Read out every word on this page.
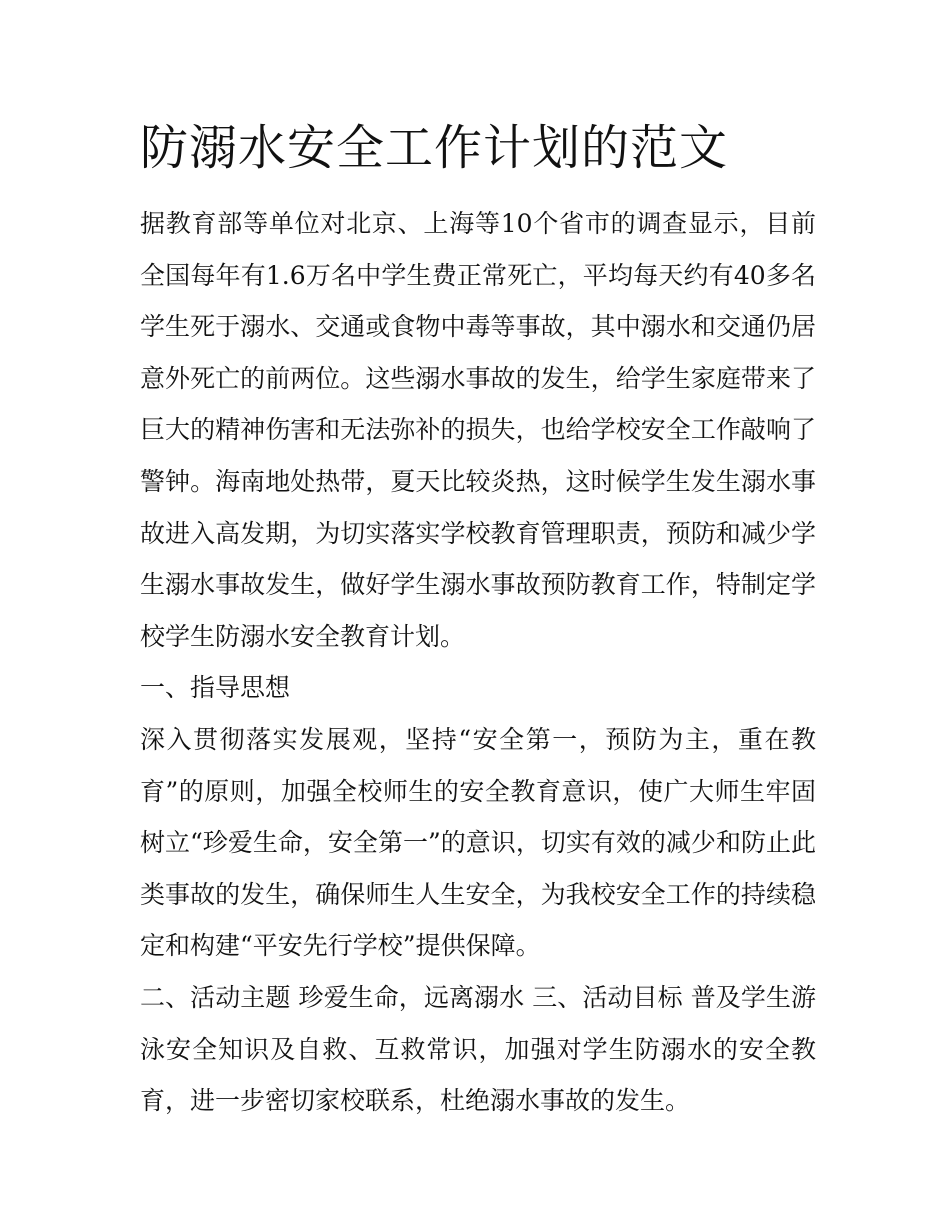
防溺水安全工作计划的范文

据教育部等单位对北京、上海等10个省市的调查显示，目前全国每年有1.6万名中学生费正常死亡，平均每天约有40多名学生死于溺水、交通或食物中毒等事故，其中溺水和交通仍居意外死亡的前两位。这些溺水事故的发生，给学生家庭带来了巨大的精神伤害和无法弥补的损失，也给学校安全工作敲响了警钟。海南地处热带，夏天比较炎热，这时候学生发生溺水事故进入高发期，为切实落实学校教育管理职责，预防和减少学生溺水事故发生，做好学生溺水事故预防教育工作，特制定学校学生防溺水安全教育计划。

一、指导思想

深入贯彻落实发展观，坚持“安全第一，预防为主，重在教育”的原则，加强全校师生的安全教育意识，使广大师生牢固树立“珍爱生命，安全第一”的意识，切实有效的减少和防止此类事故的发生，确保师生人生安全，为我校安全工作的持续稳定和构建“平安先行学校”提供保障。

二、活动主题 珍爱生命，远离溺水 三、活动目标 普及学生游泳安全知识及自救、互救常识，加强对学生防溺水的安全教育，进一步密切家校联系，杜绝溺水事故的发生。
